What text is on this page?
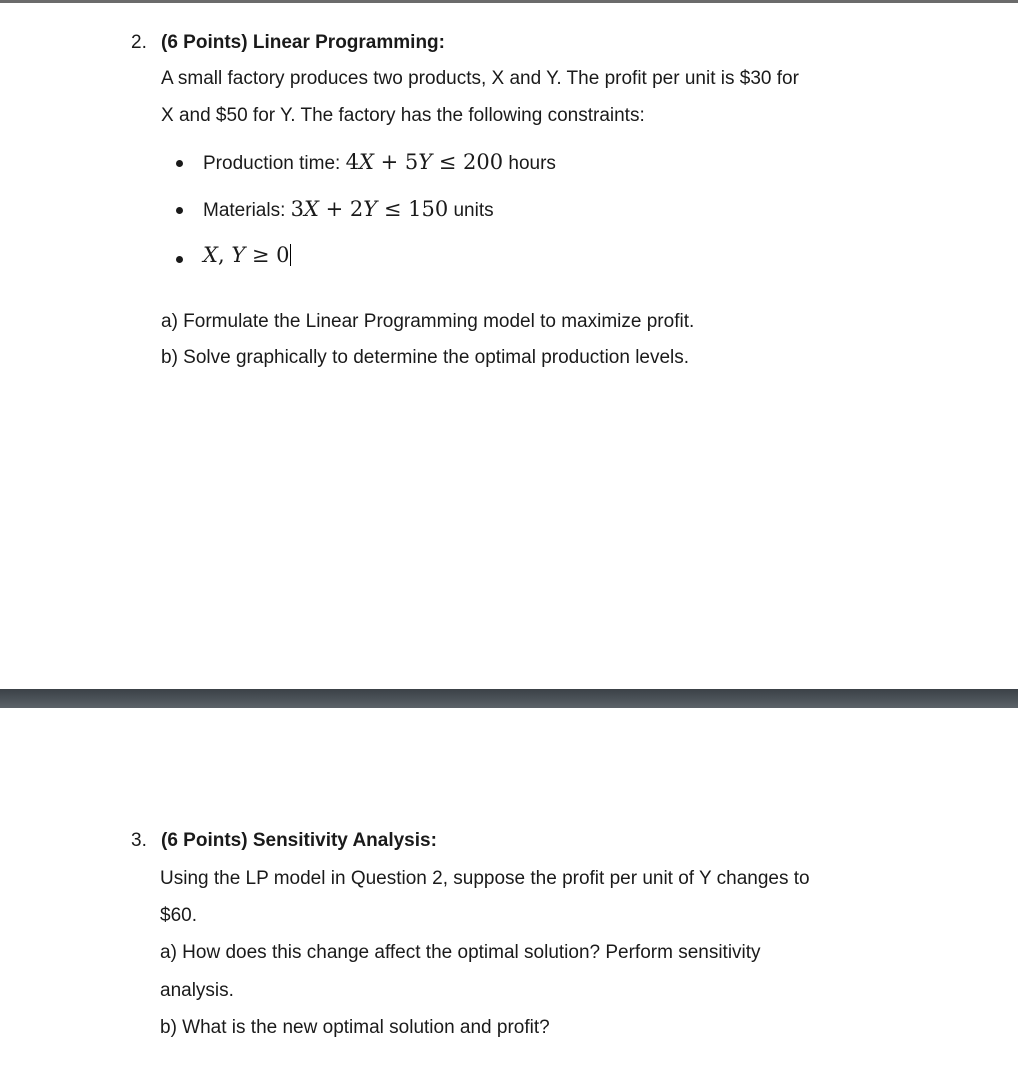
2. (6 Points) Linear Programming:
A small factory produces two products, X and Y. The profit per unit is $30 for
X and $50 for Y. The factory has the following constraints:
Production time: 4X + 5Y ≤ 200 hours
Materials: 3X + 2Y ≤ 150 units
X, Y ≥ 0
a) Formulate the Linear Programming model to maximize profit.
b) Solve graphically to determine the optimal production levels.
3. (6 Points) Sensitivity Analysis:
Using the LP model in Question 2, suppose the profit per unit of Y changes to
$60.
a) How does this change affect the optimal solution? Perform sensitivity
analysis.
b) What is the new optimal solution and profit?
